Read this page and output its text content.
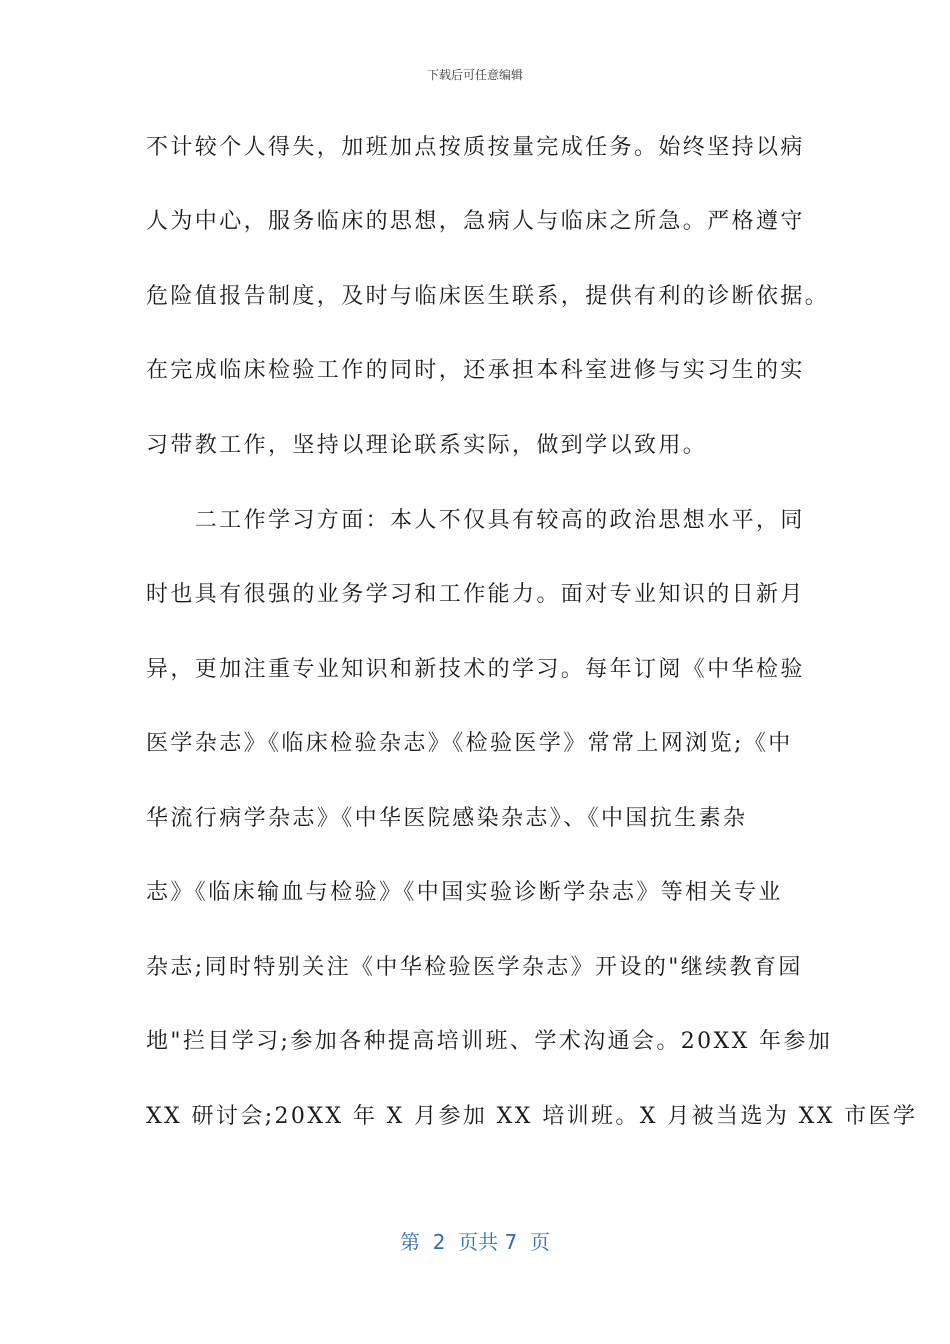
下载后可任意编辑
不计较个人得失，加班加点按质按量完成任务。始终坚持以病
人为中心，服务临床的思想，急病人与临床之所急。严格遵守
危险值报告制度，及时与临床医生联系，提供有利的诊断依据。
在完成临床检验工作的同时，还承担本科室进修与实习生的实
习带教工作，坚持以理论联系实际，做到学以致用。
　　二工作学习方面：本人不仅具有较高的政治思想水平，同
时也具有很强的业务学习和工作能力。面对专业知识的日新月
异，更加注重专业知识和新技术的学习。每年订阅《中华检验
医学杂志》《临床检验杂志》《检验医学》常常上网浏览;《中
华流行病学杂志》《中华医院感染杂志》、《中国抗生素杂
志》《临床输血与检验》《中国实验诊断学杂志》等相关专业
杂志;同时特别关注《中华检验医学杂志》开设的"继续教育园
地"拦目学习;参加各种提高培训班、学术沟通会。20XX 年参加
XX 研讨会;20XX 年 X 月参加 XX 培训班。X 月被当选为 XX 市医学
第  2  页共 7  页
